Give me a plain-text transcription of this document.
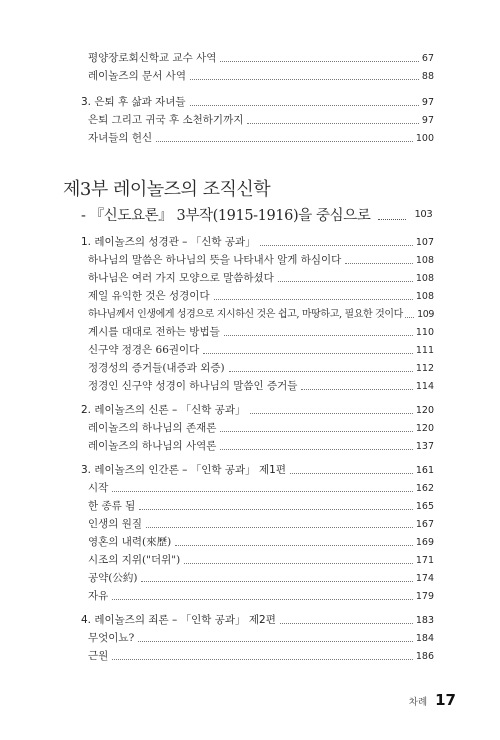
평양장로회신학교 교수 사역	67
레이놀즈의 문서 사역	88
3. 은퇴 후 삶과 자녀들	97
은퇴 그리고 귀국 후 소천하기까지	97
자녀들의 헌신	100
제3부 레이놀즈의 조직신학
- 『신도요론』 3부작(1915-1916)을 중심으로	103
1. 레이놀즈의 성경관 – 「신학 공과」	107
하나님의 말씀은 하나님의 뜻을 나타내사 알게 하심이다	108
하나님은 여러 가지 모양으로 말씀하셨다	108
제일 유익한 것은 성경이다	108
하나님께서 인생에게 성경으로 지시하신 것은 쉽고, 마땅하고, 필요한 것이다 109
계시를 대대로 전하는 방법들	110
신구약 정경은 66권이다	111
정경성의 증거들(내증과 외증)	112
정경인 신구약 성경이 하나님의 말씀인 증거들	114
2. 레이놀즈의 신론 – 「신학 공과」	120
레이놀즈의 하나님의 존재론	120
레이놀즈의 하나님의 사역론	137
3. 레이놀즈의 인간론 – 「인학 공과」 제1편	161
시작	162
한 종류 됨	165
인생의 원질	167
영혼의 내력(來歷)	169
시조의 지위("더위")	171
공약(公約)	174
자유	179
4. 레이놀즈의 죄론 – 「인학 공과」 제2편	183
무엇이뇨?	184
근원	186
차례 17
